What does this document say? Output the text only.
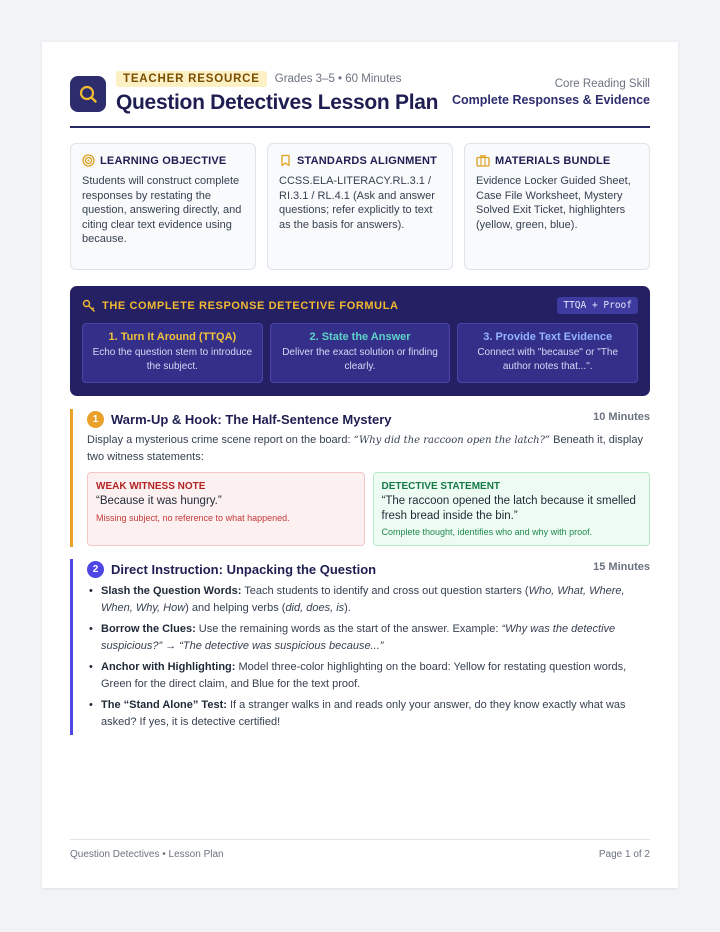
TEACHER RESOURCE	Grades 3–5 • 60 Minutes
Question Detectives Lesson Plan
Core Reading Skill
Complete Responses & Evidence
LEARNING OBJECTIVE
Students will construct complete responses by restating the question, answering directly, and citing clear text evidence using because.
STANDARDS ALIGNMENT
CCSS.ELA-LITERACY.RL.3.1 / RI.3.1 / RL.4.1 (Ask and answer questions; refer explicitly to text as the basis for answers).
MATERIALS BUNDLE
Evidence Locker Guided Sheet, Case File Worksheet, Mystery Solved Exit Ticket, highlighters (yellow, green, blue).
THE COMPLETE RESPONSE DETECTIVE FORMULA	TTQA + Proof
1. Turn It Around (TTQA)
Echo the question stem to introduce the subject.
2. State the Answer
Deliver the exact solution or finding clearly.
3. Provide Text Evidence
Connect with "because" or "The author notes that...".
1 Warm-Up & Hook: The Half-Sentence Mystery	10 Minutes
Display a mysterious crime scene report on the board: “Why did the raccoon open the latch?” Beneath it, display two witness statements:
WEAK WITNESS NOTE
“Because it was hungry.”
Missing subject, no reference to what happened.
DETECTIVE STATEMENT
“The raccoon opened the latch because it smelled fresh bread inside the bin.”
Complete thought, identifies who and why with proof.
2 Direct Instruction: Unpacking the Question	15 Minutes
• Slash the Question Words: Teach students to identify and cross out question starters (Who, What, Where, When, Why, How) and helping verbs (did, does, is).
• Borrow the Clues: Use the remaining words as the start of the answer. Example: “Why was the detective suspicious?” → “The detective was suspicious because...”
• Anchor with Highlighting: Model three-color highlighting on the board: Yellow for restating question words, Green for the direct claim, and Blue for the text proof.
• The “Stand Alone” Test: If a stranger walks in and reads only your answer, do they know exactly what was asked? If yes, it is detective certified!
Question Detectives • Lesson Plan	Page 1 of 2
